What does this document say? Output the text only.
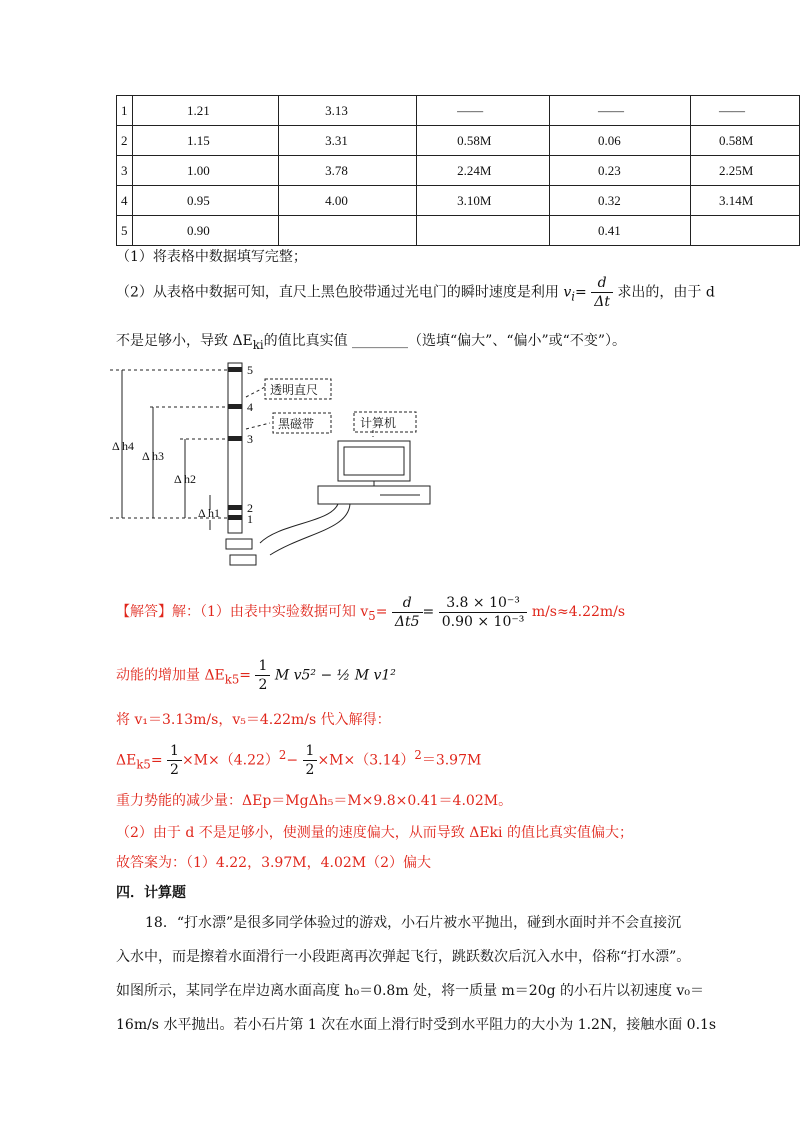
1	1.21	3.13	——	——	——
2	1.15	3.31	0.58M	0.06	0.58M
3	1.00	3.78	2.24M	0.23	2.25M
4	0.95	4.00	3.10M	0.32	3.14M
5	0.90			0.41	
（1）将表格中数据填写完整；
（2）从表格中数据可知，直尺上黑色胶带通过光电门的瞬时速度是利用 $v_i= \frac{d}{\Delta t}$ 求出的，由于 d
不是足够小，导致 $\Delta E_{ki}$的值比真实值 ________（选填“偏大”、“偏小”或“不变”）。
5
4
3
2
1
Δ h4
Δ h3
Δ h2
Δ h1
透明直尺
黑磁带	计算机
【解答】解：（1）由表中实验数据可知 $v_5= \frac{d}{\Delta t5} = \frac{\text{3.8 × 10⁻³}}{\text{0.90 × 10⁻³}} m/s\approx 4.22m/s$
动能的增加量 $\Delta E_{k5}= \frac{1}{2}$ M v5² − ½ M v1²
将 v₁＝3.13m/s，v₅＝4.22m/s 代入解得：
$\Delta E_{k5}= \frac{1}{2} \times M\times(4.22)^2- \frac{1}{2} \times M\times(3.14)^2=3.97M$
重力势能的减少量：ΔEp＝MgΔh₅＝M×9.8×0.41＝4.02M。
（2）由于 d 不是足够小，使测量的速度偏大，从而导致 ΔEki 的值比真实值偏大；
故答案为：（1）4.22，3.97M，4.02M（2）偏大
四．计算题
18．“打水漂”是很多同学体验过的游戏，小石片被水平抛出，碰到水面时并不会直接沉
入水中，而是擦着水面滑行一小段距离再次弹起飞行，跳跃数次后沉入水中，俗称“打水漂”。
如图所示，某同学在岸边离水面高度 h₀＝0.8m 处，将一质量 m＝20g 的小石片以初速度 v₀＝
16m/s 水平抛出。若小石片第 1 次在水面上滑行时受到水平阻力的大小为 1.2N，接触水面 0.1s
